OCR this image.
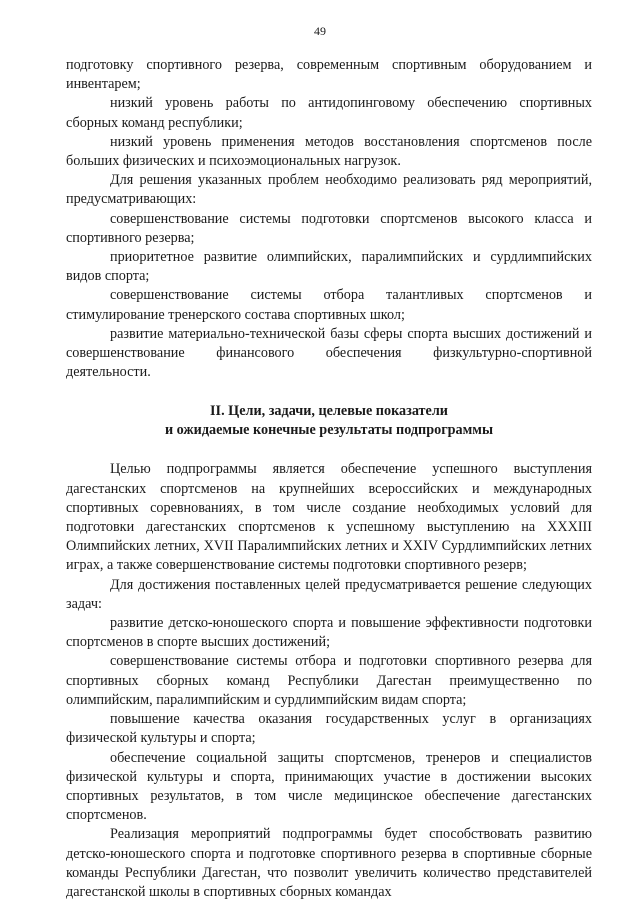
49

подготовку спортивного резерва, современным спортивным оборудованием и инвентарем;

низкий уровень работы по антидопинговому обеспечению спортивных сборных команд республики;

низкий уровень применения методов восстановления спортсменов после больших физических и психоэмоциональных нагрузок.

Для решения указанных проблем необходимо реализовать ряд мероприятий, предусматривающих:

совершенствование системы подготовки спортсменов высокого класса и спортивного резерва;

приоритетное развитие олимпийских, паралимпийских и сурдлимпийских видов спорта;

совершенствование системы отбора талантливых спортсменов и стимулирование тренерского состава спортивных школ;

развитие материально-технической базы сферы спорта высших достижений и совершенствование финансового обеспечения физкультурно-спортивной деятельности.

II. Цели, задачи, целевые показатели
и ожидаемые конечные результаты подпрограммы

Целью подпрограммы является обеспечение успешного выступления дагестанских спортсменов на крупнейших всероссийских и международных спортивных соревнованиях, в том числе создание необходимых условий для подготовки дагестанских спортсменов к успешному выступлению на XXXIII Олимпийских летних, XVII Паралимпийских летних и XXIV Сурдлимпийских летних играх, а также совершенствование системы подготовки спортивного резерв;

Для достижения поставленных целей предусматривается решение следующих задач:

развитие детско-юношеского спорта и повышение эффективности подготовки спортсменов в спорте высших достижений;

совершенствование системы отбора и подготовки спортивного резерва для спортивных сборных команд Республики Дагестан преимущественно по олимпийским, паралимпийским и сурдлимпийским видам спорта;

повышение качества оказания государственных услуг в организациях физической культуры и спорта;

обеспечение социальной защиты спортсменов, тренеров и специалистов физической культуры и спорта, принимающих участие в достижении высоких спортивных результатов, в том числе медицинское обеспечение дагестанских спортсменов.

Реализация мероприятий подпрограммы будет способствовать развитию детско-юношеского спорта и подготовке спортивного резерва в спортивные сборные команды Республики Дагестан, что позволит увеличить количество представителей дагестанской школы в спортивных сборных командах
